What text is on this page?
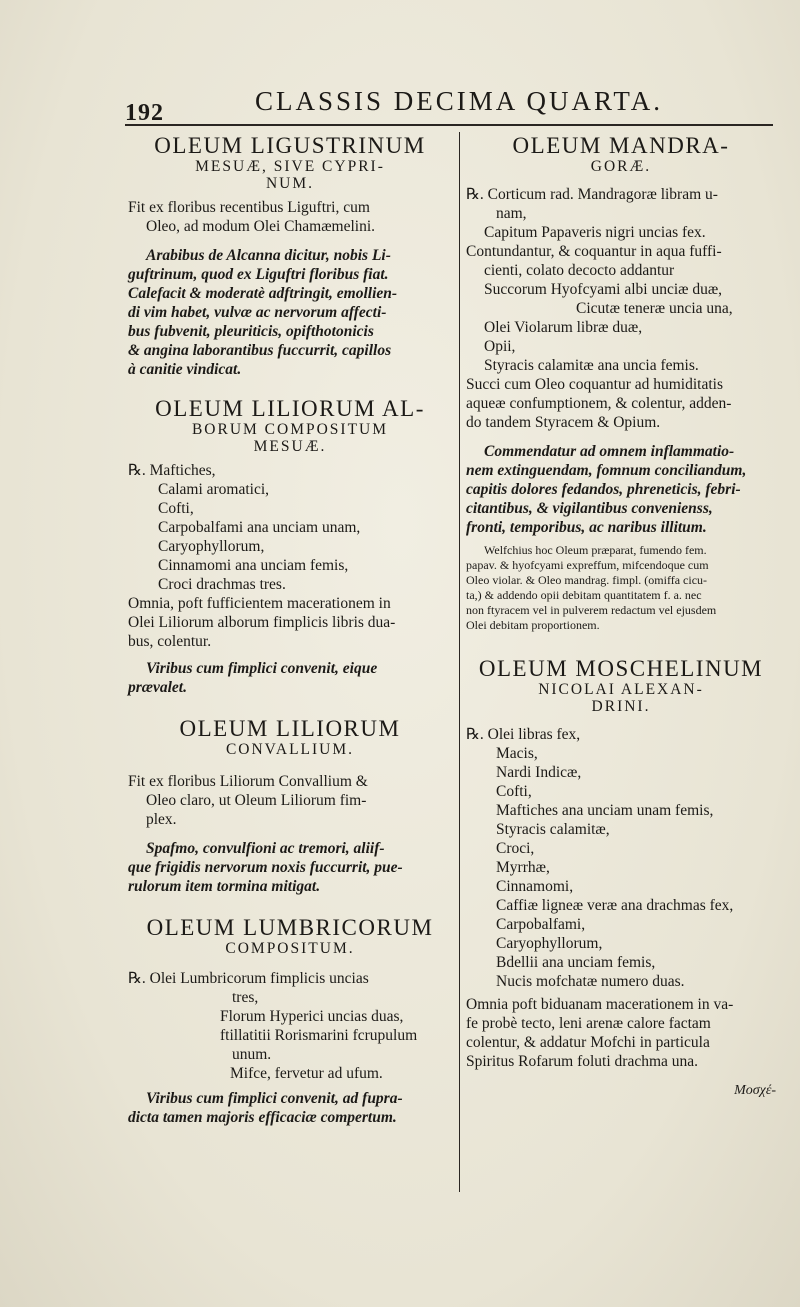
192	CLASSIS DECIMA QUARTA.

OLEUM LIGUSTRINUM

MESUÆ, SIVE CYPRI-

NUM.

Fit ex floribus recentibus Liguftri, cum

Oleo, ad modum Olei Chamæmelini.

Arabibus de Alcanna dicitur, nobis Li-

guftrinum, quod ex Liguftri floribus fiat.

Calefacit & moderatè adftringit, emollien-

di vim habet, vulvæ ac nervorum affecti-

bus fubvenit, pleuriticis, opifthotonicis

& angina laborantibus fuccurrit, capillos

à canitie vindicat.

OLEUM LILIORUM AL-

BORUM COMPOSITUM

MESUÆ.

℞. Maftiches,

Calami aromatici,

Cofti,

Carpobalfami ana unciam unam,

Caryophyllorum,

Cinnamomi ana unciam femis,

Croci drachmas tres.

Omnia, poft fufficientem macerationem in

Olei Liliorum alborum fimplicis libris dua-

bus, colentur.

Viribus cum fimplici convenit, eique

prævalet.

OLEUM LILIORUM

CONVALLIUM.

Fit ex floribus Liliorum Convallium &

Oleo claro, ut Oleum Liliorum fim-

plex.

Spafmo, convulfioni ac tremori, aliif-

que frigidis nervorum noxis fuccurrit, pue-

rulorum item tormina mitigat.

OLEUM LUMBRICORUM

COMPOSITUM.

℞. Olei Lumbricorum fimplicis uncias

tres,

Florum Hyperici uncias duas,

ftillatitii Rorismarini fcrupulum

unum.

Mifce, fervetur ad ufum.

Viribus cum fimplici convenit, ad fupra-

dicta tamen majoris efficaciæ compertum.

OLEUM MANDRA-

GORÆ.

℞. Corticum rad. Mandragoræ libram u-

nam,

Capitum Papaveris nigri uncias fex.

Contundantur, & coquantur in aqua fuffi-

cienti, colato decocto addantur

Succorum Hyofcyami albi unciæ duæ,

Cicutæ teneræ uncia una,

Olei Violarum libræ duæ,

Opii,

Styracis calamitæ ana uncia femis.

Succi cum Oleo coquantur ad humiditatis

aqueæ confumptionem, & colentur, adden-

do tandem Styracem & Opium.

Commendatur ad omnem inflammatio-

nem extinguendam, fomnum conciliandum,

capitis dolores fedandos, phreneticis, febri-

citantibus, & vigilantibus convenienss,

fronti, temporibus, ac naribus illitum.

Welfchius hoc Oleum præparat, fumendo fem.

papav. & hyofcyami expreffum, mifcendoque cum

Oleo violar. & Oleo mandrag. fimpl. (omiffa cicu-

ta,) & addendo opii debitam quantitatem f. a. nec

non ftyracem vel in pulverem redactum vel ejusdem

Olei debitam proportionem.

OLEUM MOSCHELINUM

NICOLAI ALEXAN-

DRINI.

℞. Olei libras fex,

Macis,

Nardi Indicæ,

Cofti,

Maftiches ana unciam unam femis,

Styracis calamitæ,

Croci,

Myrrhæ,

Cinnamomi,

Caffiæ ligneæ veræ ana drachmas fex,

Carpobalfami,

Caryophyllorum,

Bdellii ana unciam femis,

Nucis mofchatæ numero duas.

Omnia poft biduanam macerationem in va-

fe probè tecto, leni arenæ calore factam

colentur, & addatur Mofchi in particula

Spiritus Rofarum foluti drachma una.

Μοσχέ-
